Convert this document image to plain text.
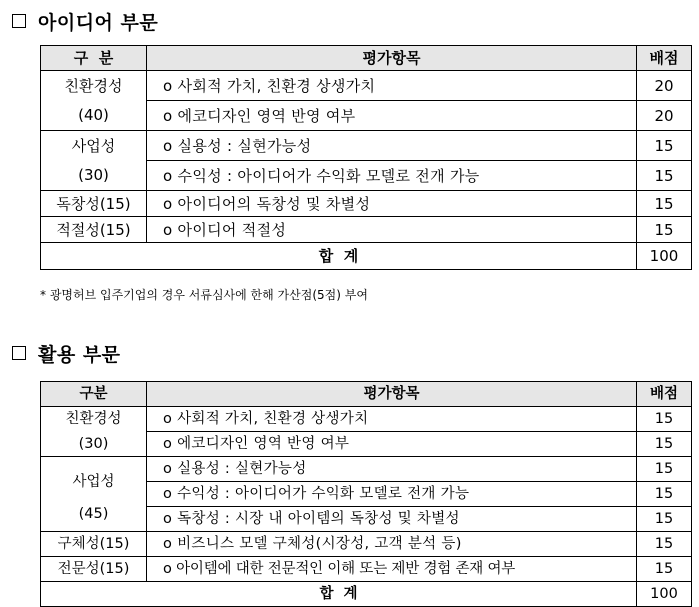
아이디어 부문
구  분	평가항목	배점
친환경성	o 사회적 가치, 친환경 상생가치	20
(40)	o 에코디자인 영역 반영 여부	20
사업성	o 실용성 : 실현가능성	15
(30)	o 수익성 : 아이디어가 수익화 모델로 전개 가능	15
독창성(15)	o 아이디어의 독창성 및 차별성	15
적절성(15)	o 아이디어 적절성	15
합  계		100
* 광명허브 입주기업의 경우 서류심사에 한해 가산점(5점) 부여
활용 부문
구분	평가항목	배점
친환경성	o 사회적 가치, 친환경 상생가치	15
(30)	o 에코디자인 영역 반영 여부	15
사업성	o 실용성 : 실현가능성	15
	o 수익성 : 아이디어가 수익화 모델로 전개 가능	15
(45)	o 독창성 : 시장 내 아이템의 독창성 및 차별성	15
구체성(15)	o 비즈니스 모델 구체성(시장성, 고객 분석 등)	15
전문성(15)	o 아이템에 대한 전문적인 이해 또는 제반 경험 존재 여부	15
합  계		100
